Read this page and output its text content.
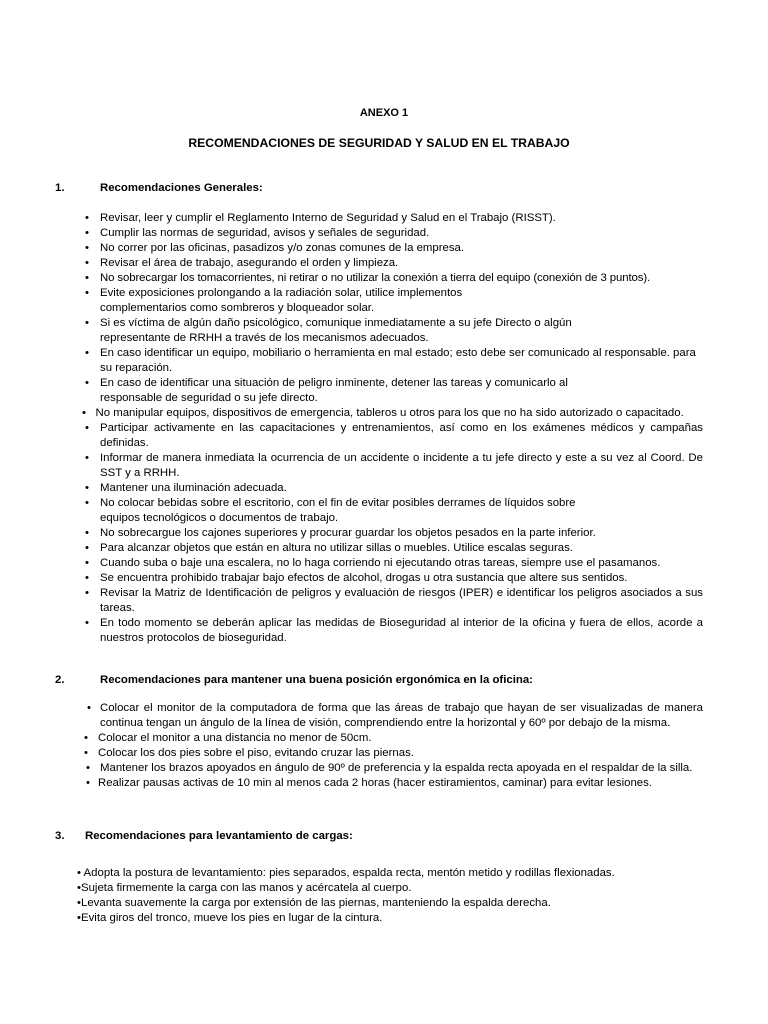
ANEXO 1
RECOMENDACIONES DE SEGURIDAD Y SALUD EN EL TRABAJO
1.	Recomendaciones Generales:
• Revisar, leer y cumplir el Reglamento Interno de Seguridad y Salud en el Trabajo (RISST).
• Cumplir las normas de seguridad, avisos y señales de seguridad.
• No correr por las oficinas, pasadizos y/o zonas comunes de la empresa.
• Revisar el área de trabajo, asegurando el orden y limpieza.
• No sobrecargar los tomacorrientes, ni retirar o no utilizar la conexión a tierra del equipo (conexión de 3 puntos).
• Evite exposiciones prolongando a la radiación solar, utilice implementos complementarios como sombreros y bloqueador solar.
• Si es víctima de algún daño psicológico, comunique inmediatamente a su jefe Directo o algún representante de RRHH a través de los mecanismos adecuados.
• En caso identificar un equipo, mobiliario o herramienta en mal estado; esto debe ser comunicado al responsable. para su reparación.
• En caso de identificar una situación de peligro inminente, detener las tareas y comunicarlo al responsable de seguridad o su jefe directo.
• No manipular equipos, dispositivos de emergencia, tableros u otros para los que no ha sido autorizado o capacitado.
• Participar activamente en las capacitaciones y entrenamientos, así como en los exámenes médicos y campañas definidas.
• Informar de manera inmediata la ocurrencia de un accidente o incidente a tu jefe directo y este a su vez al Coord. De SST y a RRHH.
• Mantener una iluminación adecuada.
• No colocar bebidas sobre el escritorio, con el fin de evitar posibles derrames de líquidos sobre equipos tecnológicos o documentos de trabajo.
• No sobrecargue los cajones superiores y procurar guardar los objetos pesados en la parte inferior.
• Para alcanzar objetos que están en altura no utilizar sillas o muebles. Utilice escalas seguras.
• Cuando suba o baje una escalera, no lo haga corriendo ni ejecutando otras tareas, siempre use el pasamanos.
• Se encuentra prohibido trabajar bajo efectos de alcohol, drogas u otra sustancia que altere sus sentidos.
• Revisar la Matriz de Identificación de peligros y evaluación de riesgos (IPER) e identificar los peligros asociados a sus tareas.
• En todo momento se deberán aplicar las medidas de Bioseguridad al interior de la oficina y fuera de ellos, acorde a nuestros protocolos de bioseguridad.
2.	Recomendaciones para mantener una buena posición ergonómica en la oficina:
• Colocar el monitor de la computadora de forma que las áreas de trabajo que hayan de ser visualizadas de manera continua tengan un ángulo de la línea de visión, comprendiendo entre la horizontal y 60º por debajo de la misma.
• Colocar el monitor a una distancia no menor de 50cm.
• Colocar los dos pies sobre el piso, evitando cruzar las piernas.
• Mantener los brazos apoyados en ángulo de 90º de preferencia y la espalda recta apoyada en el respaldar de la silla.
• Realizar pausas activas de 10 min al menos cada 2 horas (hacer estiramientos, caminar) para evitar lesiones.
3. Recomendaciones para levantamiento de cargas:
• Adopta la postura de levantamiento: pies separados, espalda recta, mentón metido y rodillas flexionadas.
•Sujeta firmemente la carga con las manos y acércatela al cuerpo.
•Levanta suavemente la carga por extensión de las piernas, manteniendo la espalda derecha.
•Evita giros del tronco, mueve los pies en lugar de la cintura.
